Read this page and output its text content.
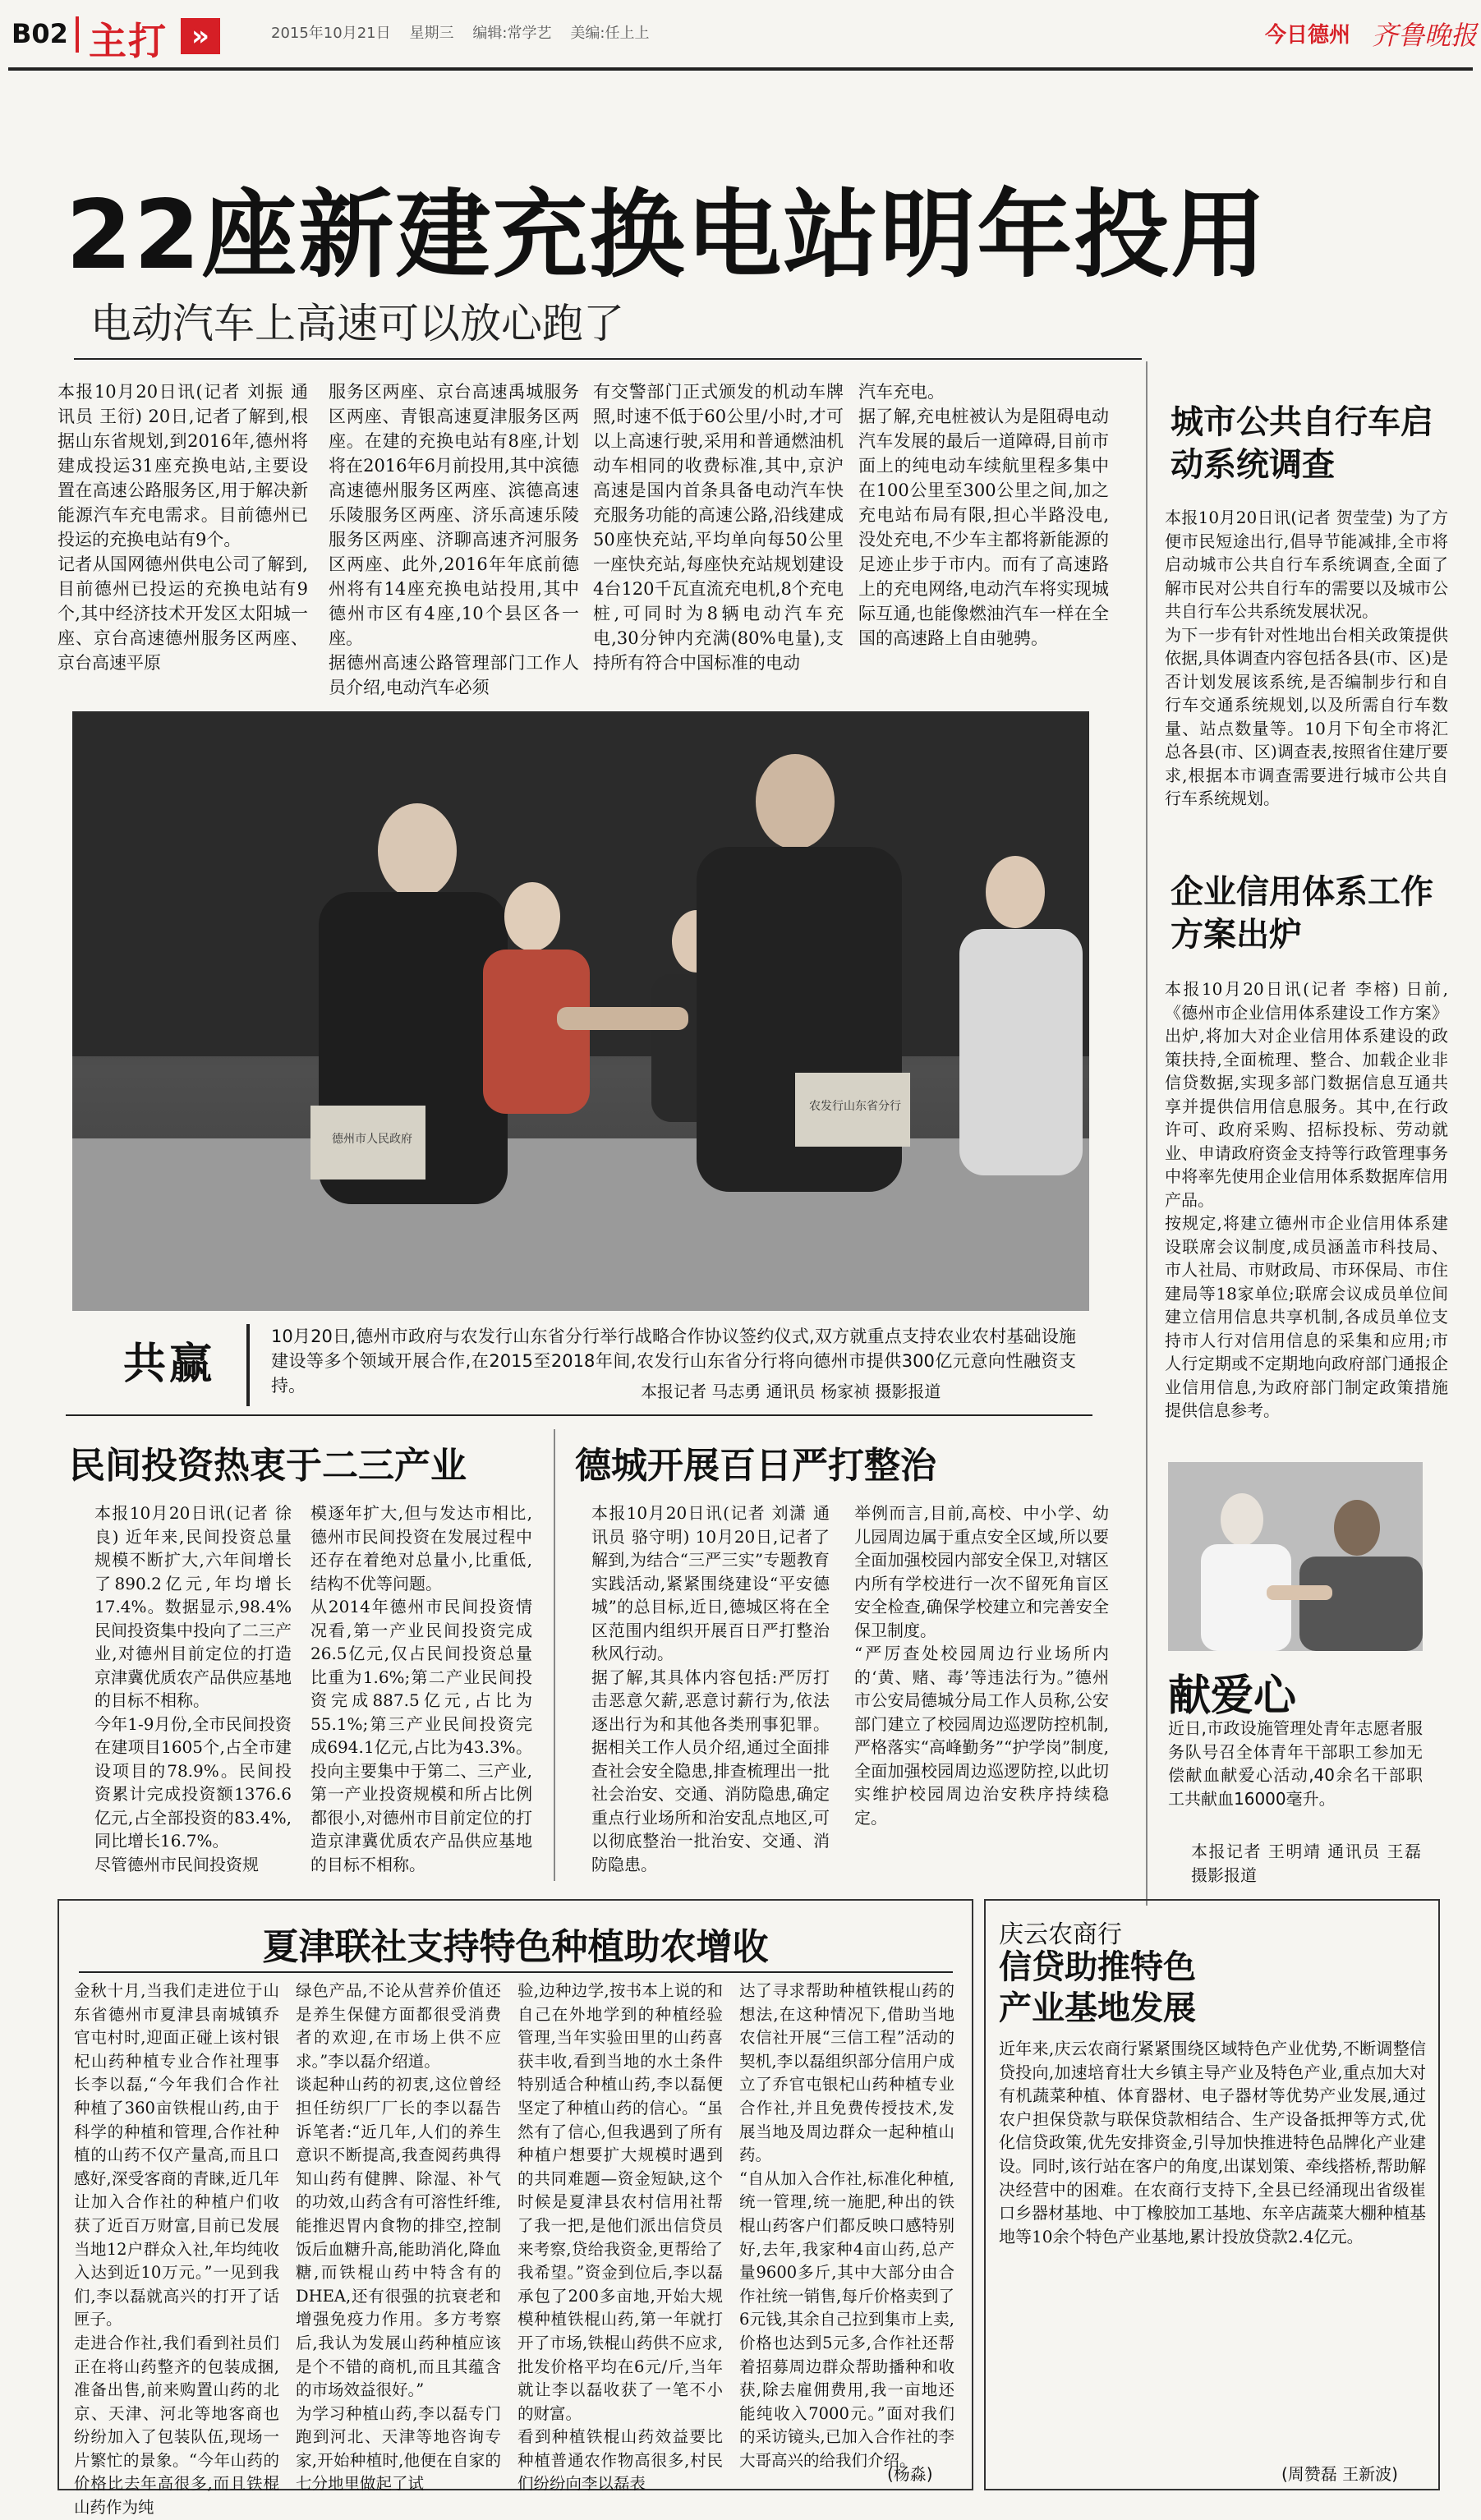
B02 主打 »	2015年10月21日 星期三 编辑:常学艺 美编:任上上	今日德州 齐鲁晚报
22座新建充换电站明年投用
电动汽车上高速可以放心跑了
本报10月20日讯(记者 刘振 通讯员 王衍) 20日,记者了解到,根据山东省规划,到2016年,德州将建成投运31座充换电站,主要设置在高速公路服务区,用于解决新能源汽车充电需求。目前德州已投运的充换电站有9个。
记者从国网德州供电公司了解到,目前德州已投运的充换电站有9个,其中经济技术开发区太阳城一座、京台高速德州服务区两座、京台高速平原
服务区两座、京台高速禹城服务区两座、青银高速夏津服务区两座。在建的充换电站有8座,计划将在2016年6月前投用,其中滨德高速德州服务区两座、滨德高速乐陵服务区两座、济乐高速乐陵服务区两座、济聊高速齐河服务区两座、此外,2016年年底前德州将有14座充换电站投用,其中德州市区有4座,10个县区各一座。
据德州高速公路管理部门工作人员介绍,电动汽车必须
有交警部门正式颁发的机动车牌照,时速不低于60公里/小时,才可以上高速行驶,采用和普通燃油机动车相同的收费标准,其中,京沪高速是国内首条具备电动汽车快充服务功能的高速公路,沿线建成50座快充站,平均单向每50公里一座快充站,每座快充站规划建设4台120千瓦直流充电机,8个充电桩,可同时为8辆电动汽车充电,30分钟内充满(80%电量),支持所有符合中国标准的电动
汽车充电。
据了解,充电桩被认为是阻碍电动汽车发展的最后一道障碍,目前市面上的纯电动车续航里程多集中在100公里至300公里之间,加之充电站布局有限,担心半路没电,没处充电,不少车主都将新能源的足迹止步于市内。而有了高速路上的充电网络,电动汽车将实现城际互通,也能像燃油汽车一样在全国的高速路上自由驰骋。
德州市人民政府
农发行山东省分行
共赢
10月20日,德州市政府与农发行山东省分行举行战略合作协议签约仪式,双方就重点支持农业农村基础设施建设等多个领域开展合作,在2015至2018年间,农发行山东省分行将向德州市提供300亿元意向性融资支持。	本报记者 马志勇 通讯员 杨家祯 摄影报道
城市公共自行车启动系统调查
本报10月20日讯(记者 贺莹莹) 为了方便市民短途出行,倡导节能减排,全市将启动城市公共自行车系统调查,全面了解市民对公共自行车的需要以及城市公共自行车公共系统发展状况。
为下一步有针对性地出台相关政策提供依据,具体调查内容包括各县(市、区)是否计划发展该系统,是否编制步行和自行车交通系统规划,以及所需自行车数量、站点数量等。10月下旬全市将汇总各县(市、区)调查表,按照省住建厅要求,根据本市调查需要进行城市公共自行车系统规划。
企业信用体系工作方案出炉
本报10月20日讯(记者 李榕) 日前,《德州市企业信用体系建设工作方案》出炉,将加大对企业信用体系建设的政策扶持,全面梳理、整合、加载企业非信贷数据,实现多部门数据信息互通共享并提供信用信息服务。其中,在行政许可、政府采购、招标投标、劳动就业、申请政府资金支持等行政管理事务中将率先使用企业信用体系数据库信用产品。
按规定,将建立德州市企业信用体系建设联席会议制度,成员涵盖市科技局、市人社局、市财政局、市环保局、市住建局等18家单位;联席会议成员单位间建立信用信息共享机制,各成员单位支持市人行对信用信息的采集和应用;市人行定期或不定期地向政府部门通报企业信用信息,为政府部门制定政策措施提供信息参考。
献爱心
近日,市政设施管理处青年志愿者服务队号召全体青年干部职工参加无偿献血献爱心活动,40余名干部职工共献血16000毫升。
本报记者 王明靖 通讯员 王磊 摄影报道
民间投资热衷于二三产业
本报10月20日讯(记者 徐良) 近年来,民间投资总量规模不断扩大,六年间增长了890.2亿元,年均增长17.4%。数据显示,98.4%民间投资集中投向了二三产业,对德州目前定位的打造京津冀优质农产品供应基地的目标不相称。
今年1-9月份,全市民间投资在建项目1605个,占全市建设项目的78.9%。民间投资累计完成投资额1376.6亿元,占全部投资的83.4%,同比增长16.7%。
尽管德州市民间投资规
模逐年扩大,但与发达市相比,德州市民间投资在发展过程中还存在着绝对总量小,比重低,结构不优等问题。
从2014年德州市民间投资情况看,第一产业民间投资完成26.5亿元,仅占民间投资总量比重为1.6%;第二产业民间投资完成887.5亿元,占比为55.1%;第三产业民间投资完成694.1亿元,占比为43.3%。投向主要集中于第二、三产业,第一产业投资规模和所占比例都很小,对德州市目前定位的打造京津冀优质农产品供应基地的目标不相称。
德城开展百日严打整治
本报10月20日讯(记者 刘潇 通讯员 骆守明) 10月20日,记者了解到,为结合“三严三实”专题教育实践活动,紧紧围绕建设“平安德城”的总目标,近日,德城区将在全区范围内组织开展百日严打整治秋风行动。
据了解,其具体内容包括:严厉打击恶意欠薪,恶意讨薪行为,依法逐出行为和其他各类刑事犯罪。据相关工作人员介绍,通过全面排查社会安全隐患,排查梳理出一批社会治安、交通、消防隐患,确定重点行业场所和治安乱点地区,可以彻底整治一批治安、交通、消防隐患。
举例而言,目前,高校、中小学、幼儿园周边属于重点安全区域,所以要全面加强校园内部安全保卫,对辖区内所有学校进行一次不留死角盲区安全检查,确保学校建立和完善安全保卫制度。
“严厉查处校园周边行业场所内的‘黄、赌、毒’等违法行为。”德州市公安局德城分局工作人员称,公安部门建立了校园周边巡逻防控机制,严格落实“高峰勤务”“护学岗”制度,全面加强校园周边巡逻防控,以此切实维护校园周边治安秩序持续稳定。
夏津联社支持特色种植助农增收
金秋十月,当我们走进位于山东省德州市夏津县南城镇乔官屯村时,迎面正碰上该村银杞山药种植专业合作社理事长李以磊,“今年我们合作社种植了360亩铁棍山药,由于科学的种植和管理,合作社种植的山药不仅产量高,而且口感好,深受客商的青睐,近几年让加入合作社的种植户们收获了近百万财富,目前已发展当地12户群众入社,年均纯收入达到近10万元。”一见到我们,李以磊就高兴的打开了话匣子。
走进合作社,我们看到社员们正在将山药整齐的包装成捆,准备出售,前来购置山药的北京、天津、河北等地客商也纷纷加入了包装队伍,现场一片繁忙的景象。“今年山药的价格比去年高很多,而且铁棍山药作为纯
绿色产品,不论从营养价值还是养生保健方面都很受消费者的欢迎,在市场上供不应求。”李以磊介绍道。
谈起种山药的初衷,这位曾经担任纺织厂厂长的李以磊告诉笔者:“近几年,人们的养生意识不断提高,我查阅药典得知山药有健脾、除湿、补气的功效,山药含有可溶性纤维,能推迟胃内食物的排空,控制饭后血糖升高,能助消化,降血糖,而铁棍山药中特含有的DHEA,还有很强的抗衰老和增强免疫力作用。多方考察后,我认为发展山药种植应该是个不错的商机,而且其蕴含的市场效益很好。”
为学习种植山药,李以磊专门跑到河北、天津等地咨询专家,开始种植时,他便在自家的七分地里做起了试
验,边种边学,按书本上说的和自己在外地学到的种植经验管理,当年实验田里的山药喜获丰收,看到当地的水土条件特别适合种植山药,李以磊便坚定了种植山药的信心。“虽然有了信心,但我遇到了所有种植户想要扩大规模时遇到的共同难题—资金短缺,这个时候是夏津县农村信用社帮了我一把,是他们派出信贷员来考察,贷给我资金,更帮给了我希望。”资金到位后,李以磊承包了200多亩地,开始大规模种植铁棍山药,第一年就打开了市场,铁棍山药供不应求,批发价格平均在6元/斤,当年就让李以磊收获了一笔不小的财富。
看到种植铁棍山药效益要比种植普通农作物高很多,村民们纷纷向李以磊表
达了寻求帮助种植铁棍山药的想法,在这种情况下,借助当地农信社开展“三信工程”活动的契机,李以磊组织部分信用户成立了乔官屯银杞山药种植专业合作社,并且免费传授技术,发展当地及周边群众一起种植山药。
“自从加入合作社,标准化种植,统一管理,统一施肥,种出的铁棍山药客户们都反映口感特别好,去年,我家种4亩山药,总产量9600多斤,其中大部分由合作社统一销售,每斤价格卖到了6元钱,其余自己拉到集市上卖,价格也达到5元多,合作社还帮着招募周边群众帮助播种和收获,除去雇佣费用,我一亩地还能纯收入7000元。”面对我们的采访镜头,已加入合作社的李大哥高兴的给我们介绍。
(杨淼)
庆云农商行
信贷助推特色产业基地发展
近年来,庆云农商行紧紧围绕区域特色产业优势,不断调整信贷投向,加速培育壮大乡镇主导产业及特色产业,重点加大对有机蔬菜种植、体育器材、电子器材等优势产业发展,通过农户担保贷款与联保贷款相结合、生产设备抵押等方式,优化信贷政策,优先安排资金,引导加快推进特色品牌化产业建设。同时,该行站在客户的角度,出谋划策、牵线搭桥,帮助解决经营中的困难。在农商行支持下,全县已经涌现出省级崔口乡器材基地、中丁橡胶加工基地、东辛店蔬菜大棚种植基地等10余个特色产业基地,累计投放贷款2.4亿元。
(周赞磊 王新波)
